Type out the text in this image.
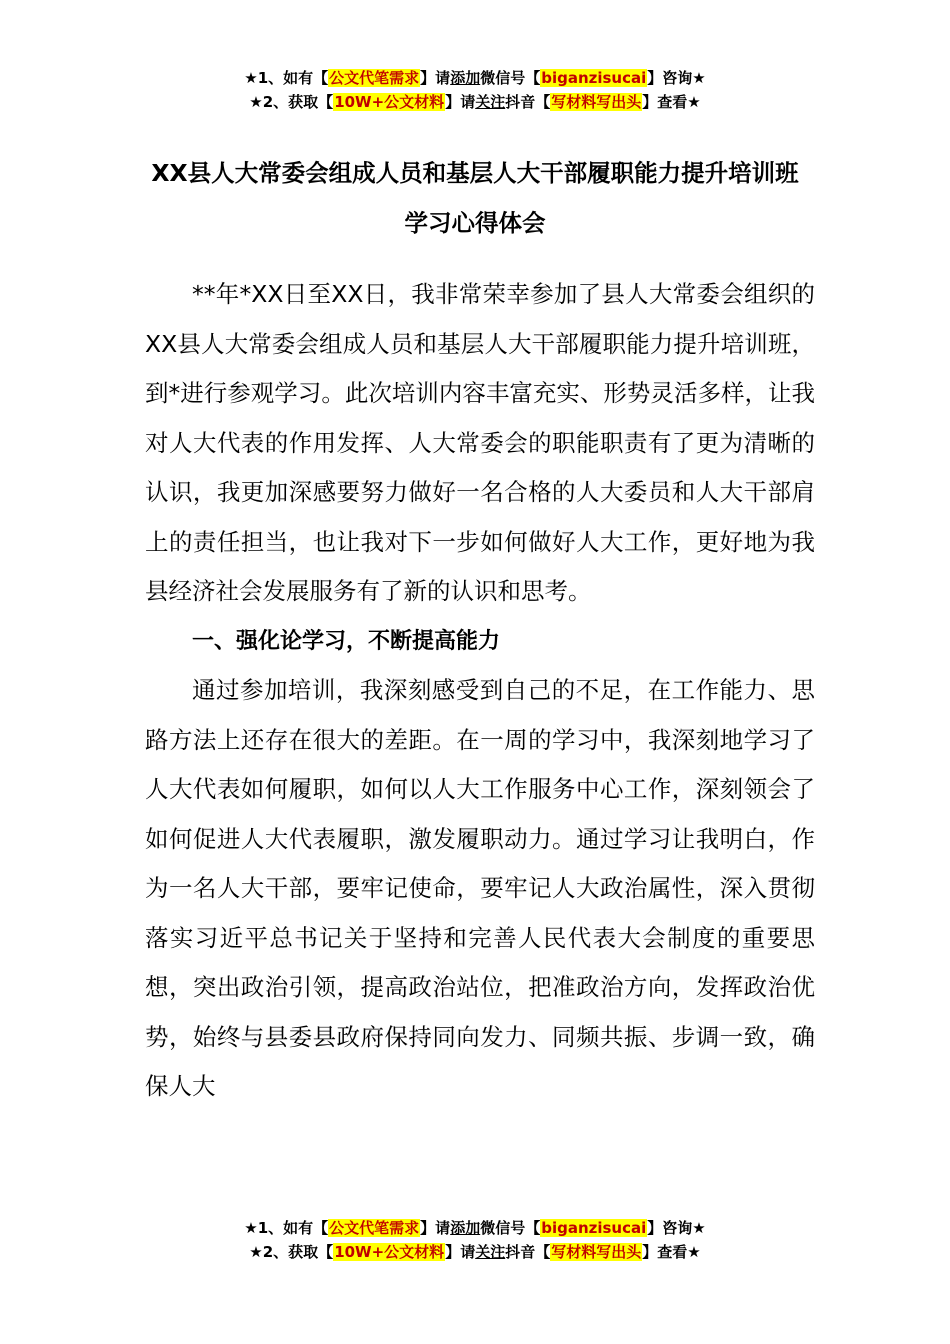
★1、如有【公文代笔需求】请添加微信号【biganzisucai】咨询★
★2、获取【10W+公文材料】请关注抖音【写材料写出头】查看★
XX县人大常委会组成人员和基层人大干部履职能力提升培训班学习心得体会

**年*XX日至XX日，我非常荣幸参加了县人大常委会组织的XX县人大常委会组成人员和基层人大干部履职能力提升培训班，到*进行参观学习。此次培训内容丰富充实、形势灵活多样，让我对人大代表的作用发挥、人大常委会的职能职责有了更为清晰的认识，我更加深感要努力做好一名合格的人大委员和人大干部肩上的责任担当，也让我对下一步如何做好人大工作，更好地为我县经济社会发展服务有了新的认识和思考。

一、强化论学习，不断提高能力

通过参加培训，我深刻感受到自己的不足，在工作能力、思路方法上还存在很大的差距。在一周的学习中，我深刻地学习了人大代表如何履职，如何以人大工作服务中心工作，深刻领会了如何促进人大代表履职，激发履职动力。通过学习让我明白，作为一名人大干部，要牢记使命，要牢记人大政治属性，深入贯彻落实习近平总书记关于坚持和完善人民代表大会制度的重要思想，突出政治引领，提高政治站位，把准政治方向，发挥政治优势，始终与县委县政府保持同向发力、同频共振、步调一致，确保人大

★1、如有【公文代笔需求】请添加微信号【biganzisucai】咨询★
★2、获取【10W+公文材料】请关注抖音【写材料写出头】查看★
